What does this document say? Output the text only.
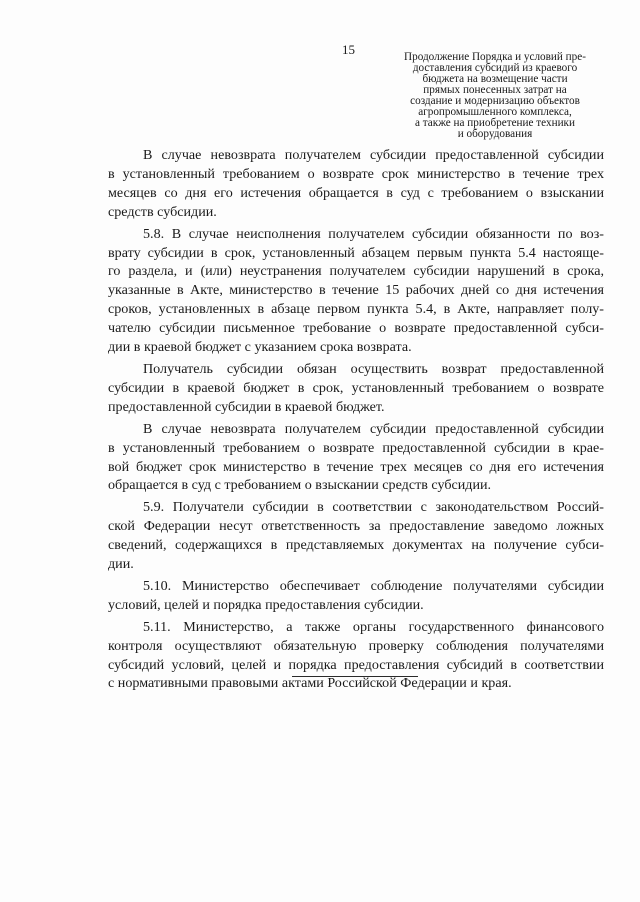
15	Продолжение Порядка и условий пре-
доставления субсидий из краевого
бюджета на возмещение части
прямых понесенных затрат на
создание и модернизацию объектов
агропромышленного комплекса,
а также на приобретение техники
и оборудования
В случае невозврата получателем субсидии предоставленной субсидии
в установленный требованием о возврате срок министерство в течение трех
месяцев со дня его истечения обращается в суд с требованием о взыскании
средств субсидии.
5.8. В случае неисполнения получателем субсидии обязанности по воз-
врату субсидии в срок, установленный абзацем первым пункта 5.4 настояще-
го раздела, и (или) неустранения получателем субсидии нарушений в срока,
указанные в Акте, министерство в течение 15 рабочих дней со дня истечения
сроков, установленных в абзаце первом пункта 5.4, в Акте, направляет полу-
чателю субсидии письменное требование о возврате предоставленной субси-
дии в краевой бюджет с указанием срока возврата.
Получатель субсидии обязан осуществить возврат предоставленной
субсидии в краевой бюджет в срок, установленный требованием о возврате
предоставленной субсидии в краевой бюджет.
В случае невозврата получателем субсидии предоставленной субсидии
в установленный требованием о возврате предоставленной субсидии в крае-
вой бюджет срок министерство в течение трех месяцев со дня его истечения
обращается в суд с требованием о взыскании средств субсидии.
5.9. Получатели субсидии в соответствии с законодательством Россий-
ской Федерации несут ответственность за предоставление заведомо ложных
сведений, содержащихся в представляемых документах на получение субси-
дии.
5.10. Министерство обеспечивает соблюдение получателями субсидии
условий, целей и порядка предоставления субсидии.
5.11. Министерство, а также органы государственного финансового
контроля осуществляют обязательную проверку соблюдения получателями
субсидий условий, целей и порядка предоставления субсидий в соответствии
с нормативными правовыми актами Российской Федерации и края.
